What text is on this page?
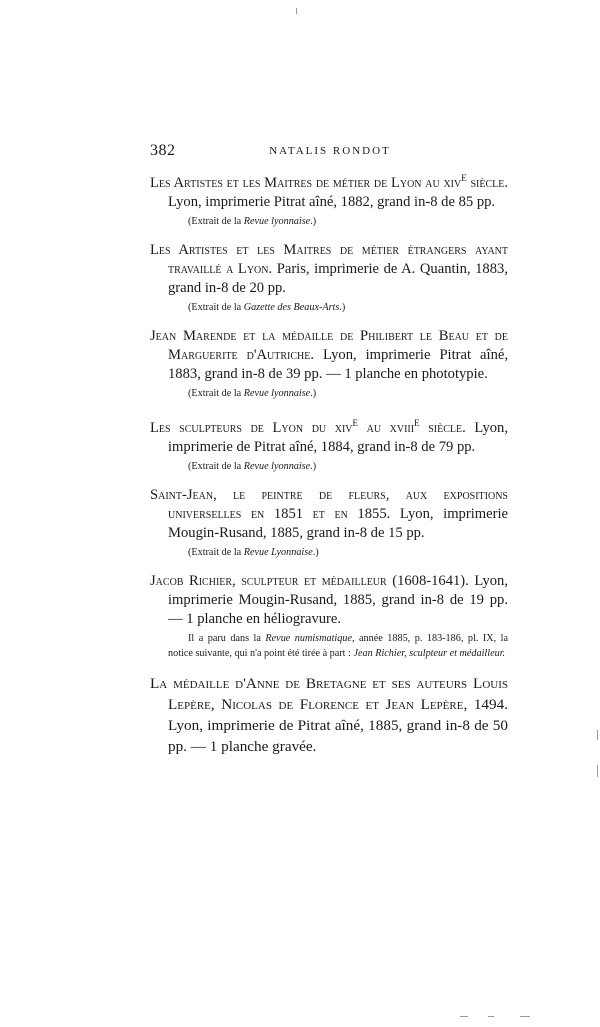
382	NATALIS RONDOT

Les Artistes et les Maitres de métier de Lyon au xiv$^e$ siècle. Lyon, imprimerie Pitrat aîné, 1882, grand in-8 de 85 pp.

(Extrait de la Revue lyonnaise.)

Les Artistes et les Maitres de métier étrangers ayant travaillé a Lyon. Paris, imprimerie de A. Quantin, 1883, grand in-8 de 20 pp.

(Extrait de la Gazette des Beaux-Arts.)

Jean Marende et la médaille de Philibert le Beau et de Marguerite d'Autriche. Lyon, imprimerie Pitrat aîné, 1883, grand in-8 de 39 pp. — 1 planche en phototypie.

(Extrait de la Revue lyonnaise.)

Les sculpteurs de Lyon du xiv$^e$ au xviii$^e$ siècle. Lyon, imprimerie de Pitrat aîné, 1884, grand in-8 de 79 pp.

(Extrait de la Revue lyonnaise.)

Saint-Jean, le peintre de fleurs, aux expositions universelles en 1851 et en 1855. Lyon, imprimerie Mougin-Rusand, 1885, grand in-8 de 15 pp.

(Extrait de la Revue Lyonnaise.)

Jacob Richier, sculpteur et médailleur (1608-1641). Lyon, imprimerie Mougin-Rusand, 1885, grand in-8 de 19 pp. — 1 planche en héliogravure.

Il a paru dans la Revue numismatique, année 1885, p. 183-186, pl. IX, la notice suivante, qui n'a point été tirée à part : Jean Richier, sculpteur et médailleur.

La médaille d'Anne de Bretagne et ses auteurs Louis Lepère, Nicolas de Florence et Jean Lepère, 1494. Lyon, imprimerie de Pitrat aîné, 1885, grand in-8 de 50 pp. — 1 planche gravée.
